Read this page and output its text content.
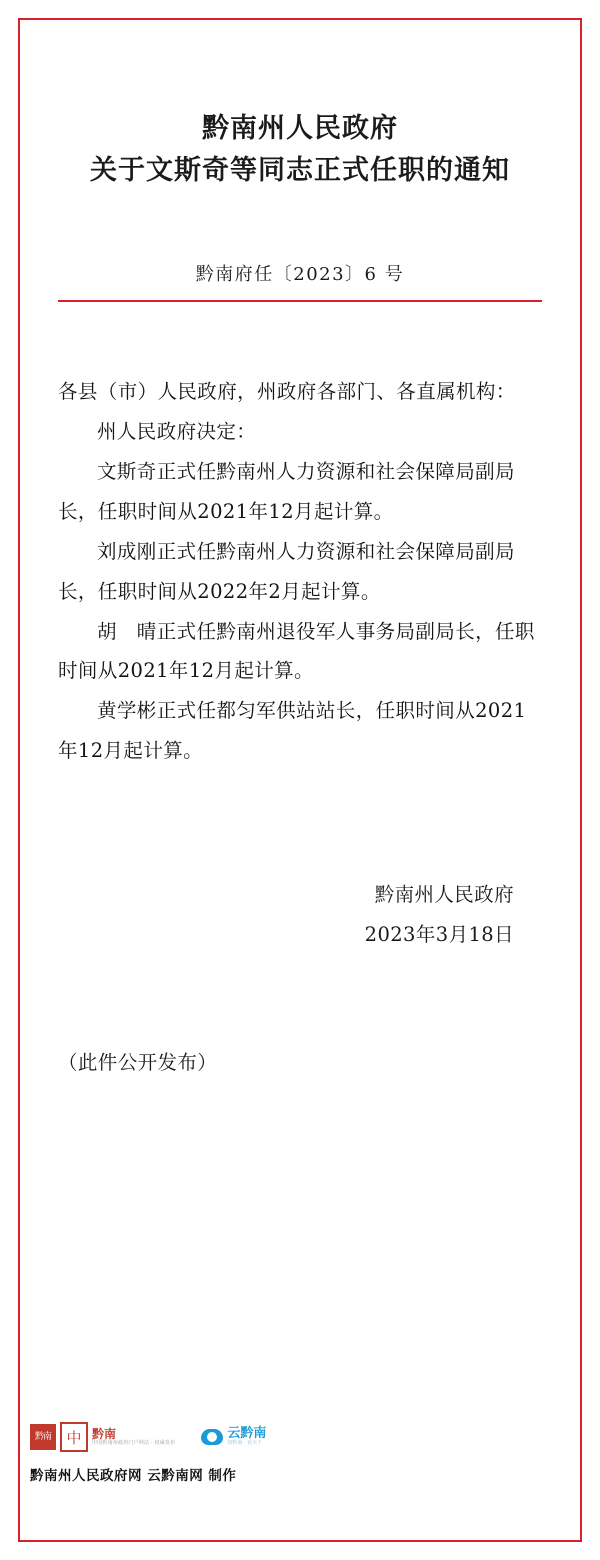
黔南州人民政府
关于文斯奇等同志正式任职的通知
黔南府任〔2023〕6 号

各县（市）人民政府，州政府各部门、各直属机构：

州人民政府决定：

文斯奇正式任黔南州人力资源和社会保障局副局长，任职时间从2021年12月起计算。

刘成刚正式任黔南州人力资源和社会保障局副局长，任职时间从2022年2月起计算。

胡　晴正式任黔南州退役军人事务局副局长，任职时间从2021年12月起计算。

黄学彬正式任都匀军供站站长，任职时间从2021年12月起计算。

黔南州人民政府
2023年3月18日
（此件公开发布）
黔南	中 黔南
中国黔南州政府门户网站 · 权威发布
云黔南
知黔南 · 看天下
黔南州人民政府网 云黔南网 制作
